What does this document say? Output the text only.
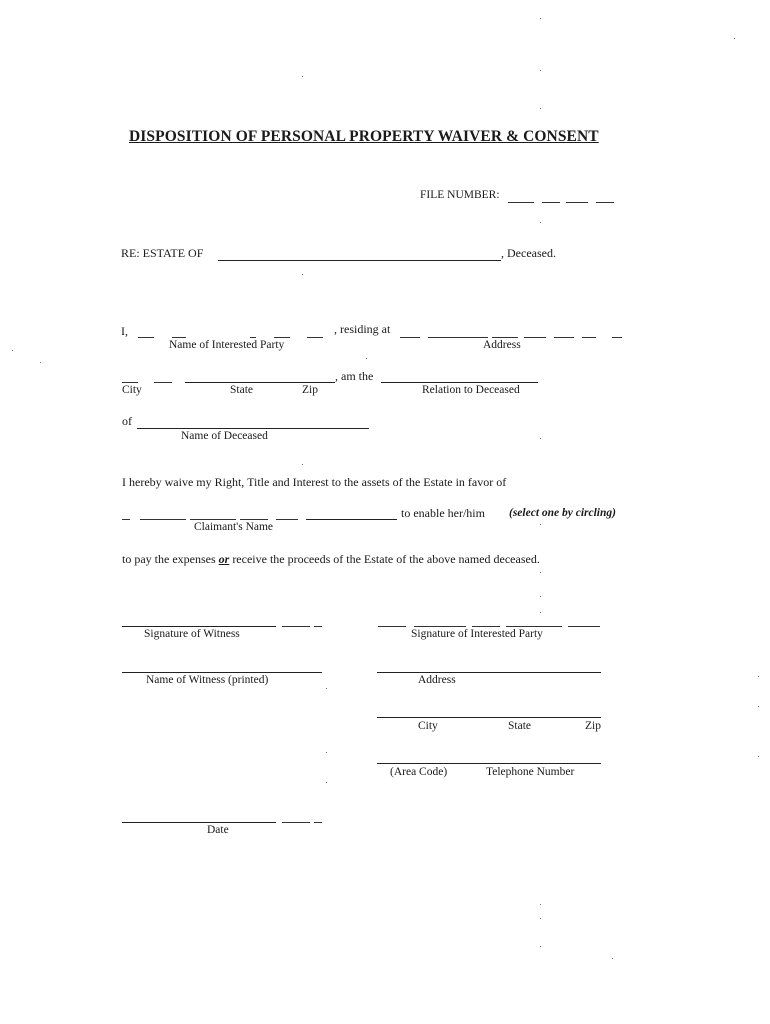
DISPOSITION OF PERSONAL PROPERTY WAIVER & CONSENT
FILE NUMBER:
RE: ESTATE OF	, Deceased.
I,	, residing at
Name of Interested Party	Address
, am the
City	State	Zip	Relation to Deceased
of
Name of Deceased
I hereby waive my Right, Title and Interest to the assets of the Estate in favor of
to enable her/him (select one by circling)
Claimant's Name
to pay the expenses or receive the proceeds of the Estate of the above named deceased.
Signature of Witness	Signature of Interested Party
Name of Witness (printed)	Address
City	State	Zip
(Area Code)	Telephone Number
Date
